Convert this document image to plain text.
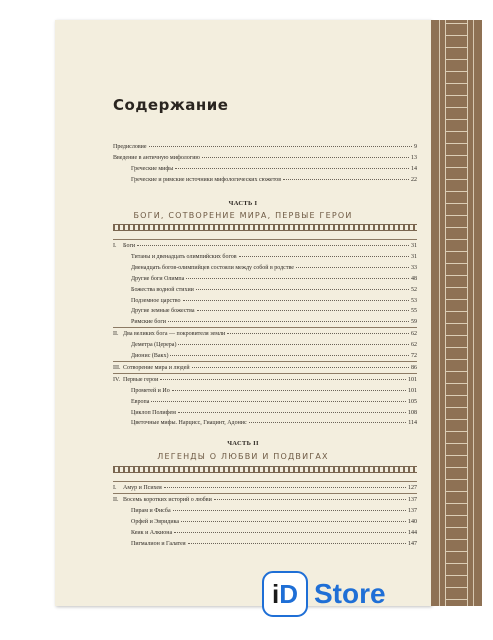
Содержание
Предисловие	9
Введение в античную мифологию	13
Греческие мифы	14
Греческие и римские источники мифологических сюжетов	22
ЧАСТЬ I
БОГИ, СОТВОРЕНИЕ МИРА, ПЕРВЫЕ ГЕРОИ
I.	Боги	31
Титаны и двенадцать олимпийских богов	31
Двенадцать богов-олимпийцев состояли между собой в родстве	33
Другие боги Олимпа	48
Божества водной стихии	52
Подземное царство	53
Другие земные божества	55
Римские боги	59
II. Два великих бога — покровителя земли	62
Деметра (Церера)	62
Дионис (Вакх)	72
III. Сотворение мира и людей	86
IV. Первые герои	101
Прометей и Ио	101
Европа	105
Циклоп Полифем	108
Цветочные мифы. Нарцисс, Гиацинт, Адонис	114
ЧАСТЬ II
ЛЕГЕНДЫ О ЛЮБВИ И ПОДВИГАХ
I.	Амур и Психея	127
II. Восемь коротких историй о любви	137
Пирам и Фисба	137
Орфей и Эвридика	140
Кеик и Алкиона	144
Пигмалион и Галатея	147
i D Store
